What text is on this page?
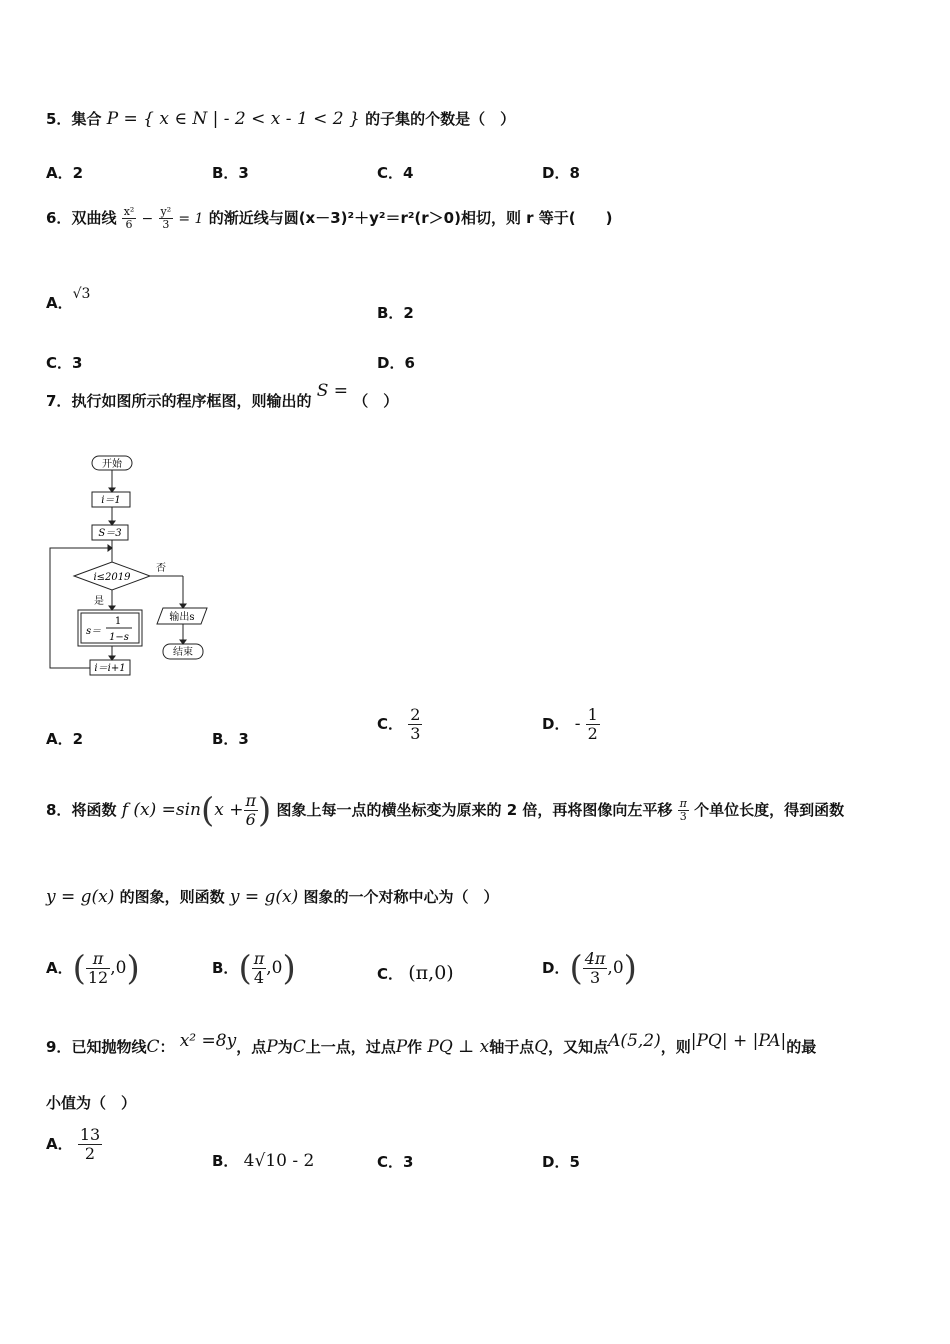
5．集合 P = { x ∈ N | - 2 < x - 1 < 2 } 的子集的个数是（　）
A．2	B．3	C．4	D．8
6．双曲线 $\frac{\text{x²}}{6} - \frac{\text{y²}}{3} = 1$ 的渐近线与圆(x－3)²＋y²＝r²(r＞0)相切，则 r 等于(　　)
A．√3
B．2
C．3	D．6
7．执行如图所示的程序框图，则输出的 S = （　）
开始
i＝1
S＝3
i≤2019
否
是
s＝
1
1−s
输出s
结束
i＝i+1
A．2	B．3
C． $\frac{2}{3}$	D． - $\frac{1}{2}$
8．将函数 f $(x) =\sin(x + \frac{\pi}{6}$ ) 图象上每一点的横坐标变为原来的 2 倍，再将图像向左平移 $\frac{\pi}{3}$ 个单位长度，得到函数
y = g(x) 的图象，则函数 y = g(x) 图象的一个对称中心为（　）
A．( $\frac{\pi}{12} ,0$)	B．( $\frac{\pi}{4} ,0$)	C． (π,0)	D．( $\frac{4\pi}{3} ,0$)
9．已知抛物线C： x² =8y，点P为C上一点，过点P作 PQ ⊥ x轴于点Q，又知点A(5,2)，则|PQ| + |PA|的最
小值为（　）
A． $\frac{13}{2}$	B． 4√10 - 2	C．3	D．5
